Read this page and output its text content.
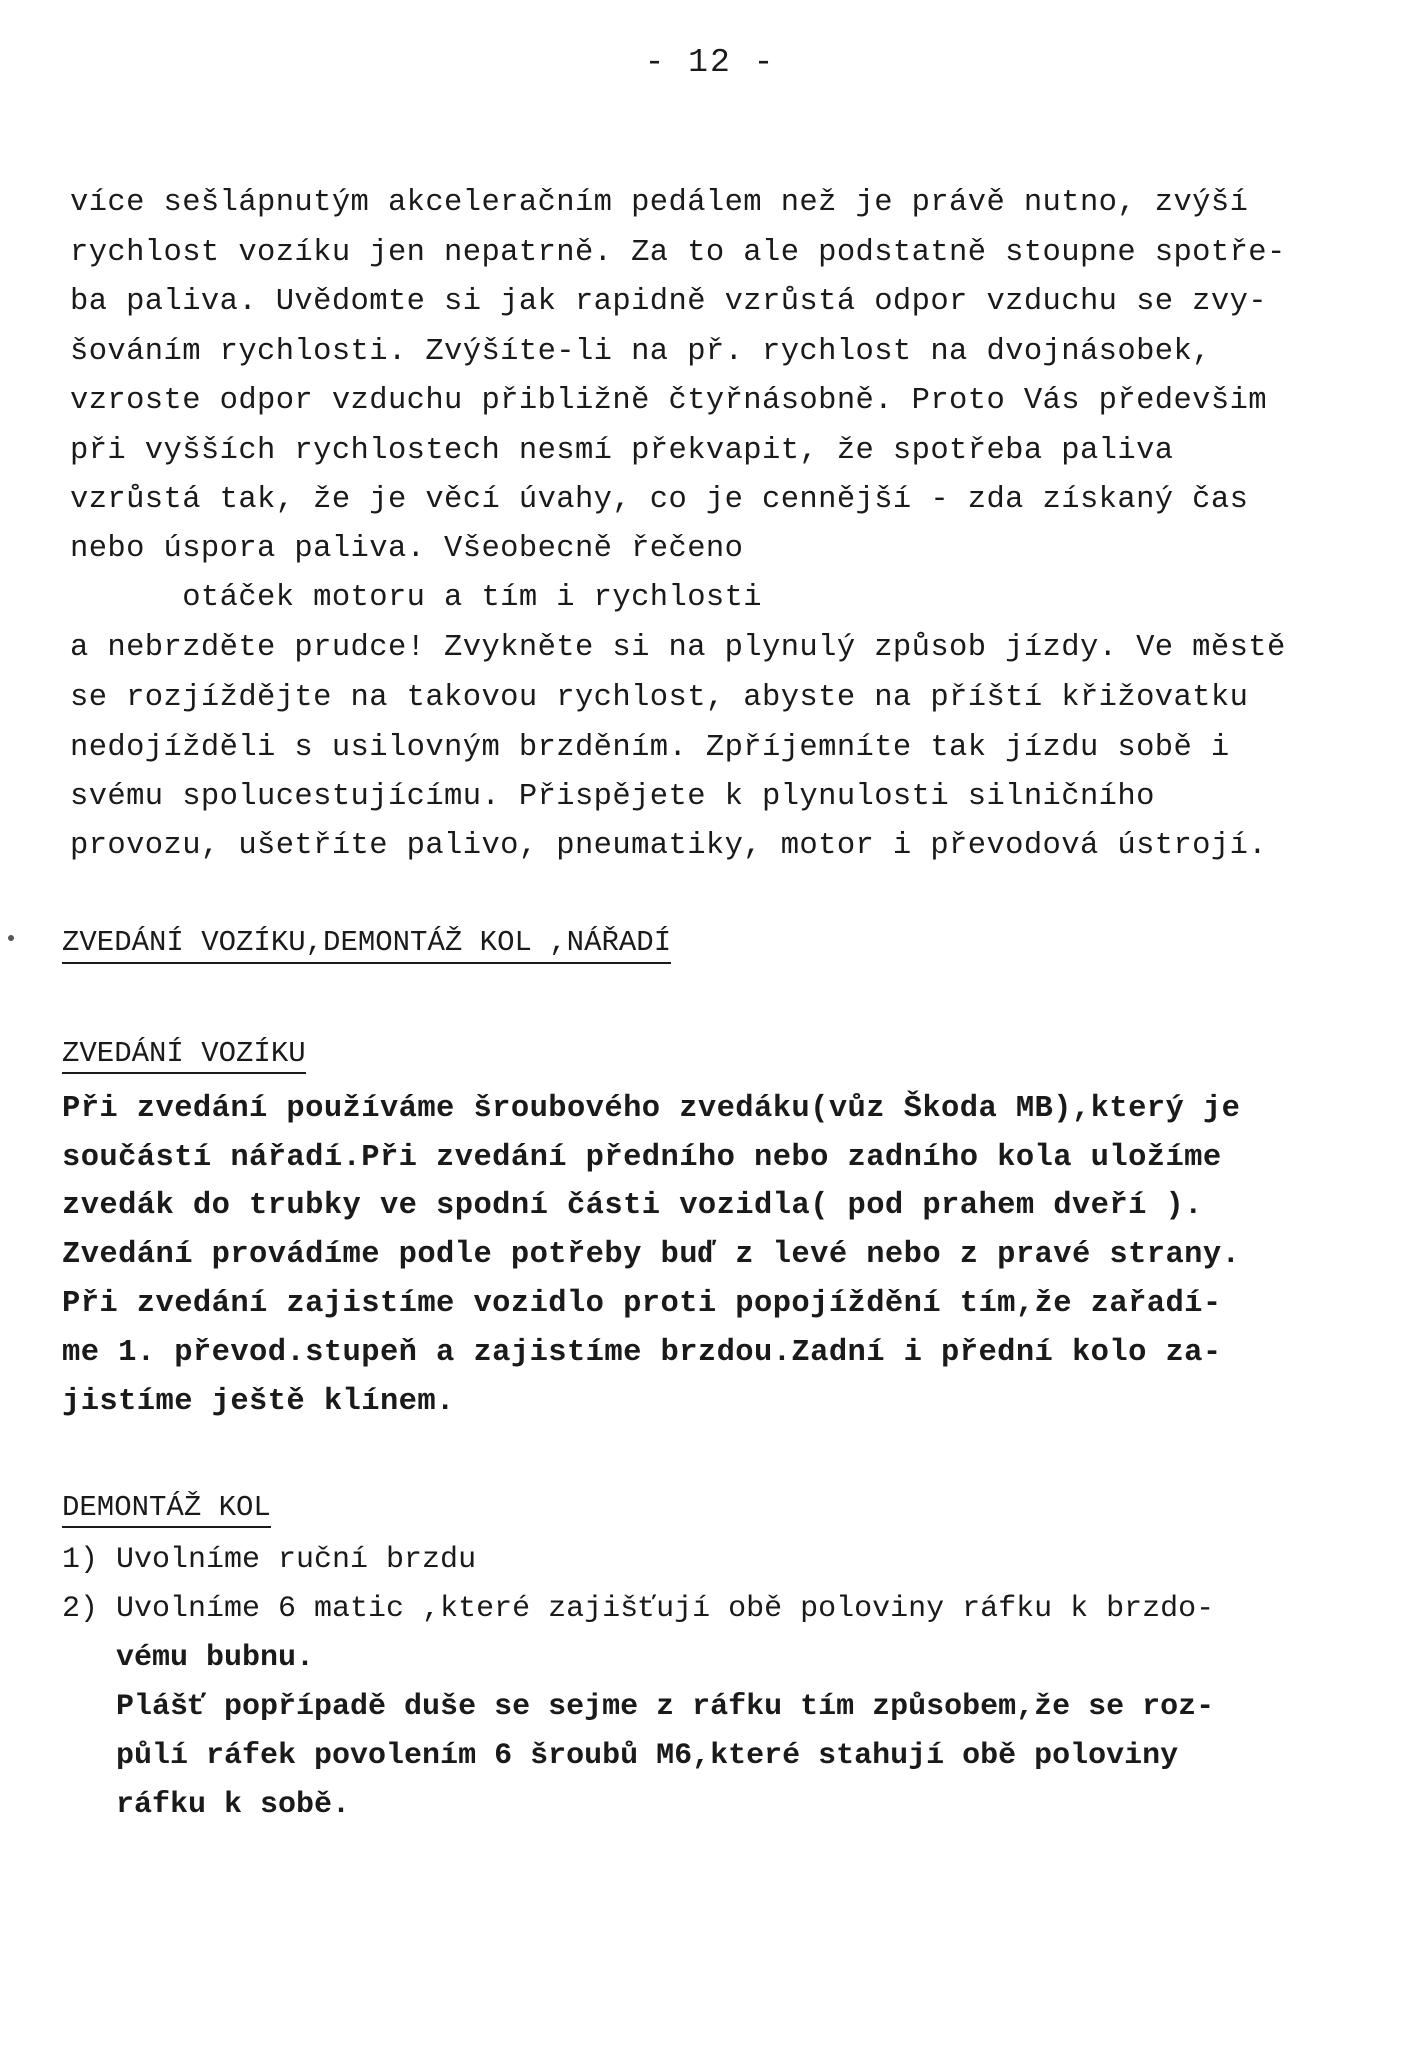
- 12 -
více sešlápnutým akceleračním pedálem než je právě nutno, zvýší
rychlost vozíku jen nepatrně. Za to ale podstatně stoupne spotře-
ba paliva. Uvědomte si jak rapidně vzrůstá odpor vzduchu se zvy-
šováním rychlosti. Zvýšíte-li na př. rychlost na dvojnásobek,
vzroste odpor vzduchu přibližně čtyřnásobně. Proto Vás předevšim
při vyšších rychlostech nesmí překvapit, že spotřeba paliva
vzrůstá tak, že je věcí úvahy, co je cennější - zda získaný čas
nebo úspora paliva. Všeobecně řečeno
otáček motoru a tím i rychlosti
a nebrzděte prudce! Zvykněte si na plynulý způsob jízdy. Ve městě
se rozjíždějte na takovou rychlost, abyste na příští křižovatku
nedojížděli s usilovným brzděním. Zpříjemníte tak jízdu sobě i
svému spolucestujícímu. Přispějete k plynulosti silničního
provozu, ušetříte palivo, pneumatiky, motor i převodová ústrojí.
ZVEDÁNÍ VOZÍKU,DEMONTÁŽ KOL ,NÁŘADÍ
ZVEDÁNÍ VOZÍKU
Při zvedání používáme šroubového zvedáku(vůz Škoda MB),který je
součástí nářadí.Při zvedání předního nebo zadního kola uložíme
zvedák do trubky ve spodní části vozidla( pod prahem dveří ).
Zvedání provádíme podle potřeby buď z levé nebo z pravé strany.
Při zvedání zajistíme vozidlo proti popojíždění tím,že zařadí-
me 1. převod.stupeň a zajistíme brzdou.Zadní i přední kolo za-
jistíme ještě klínem.
DEMONTÁŽ KOL
1) Uvolníme ruční brzdu
2) Uvolníme 6 matic ,které zajišťují obě poloviny ráfku k brzdo-
vému bubnu.
Plášť popřípadě duše se sejme z ráfku tím způsobem,že se roz-
půlí ráfek povolením 6 šroubů M6,které stahují obě poloviny
ráfku k sobě.
